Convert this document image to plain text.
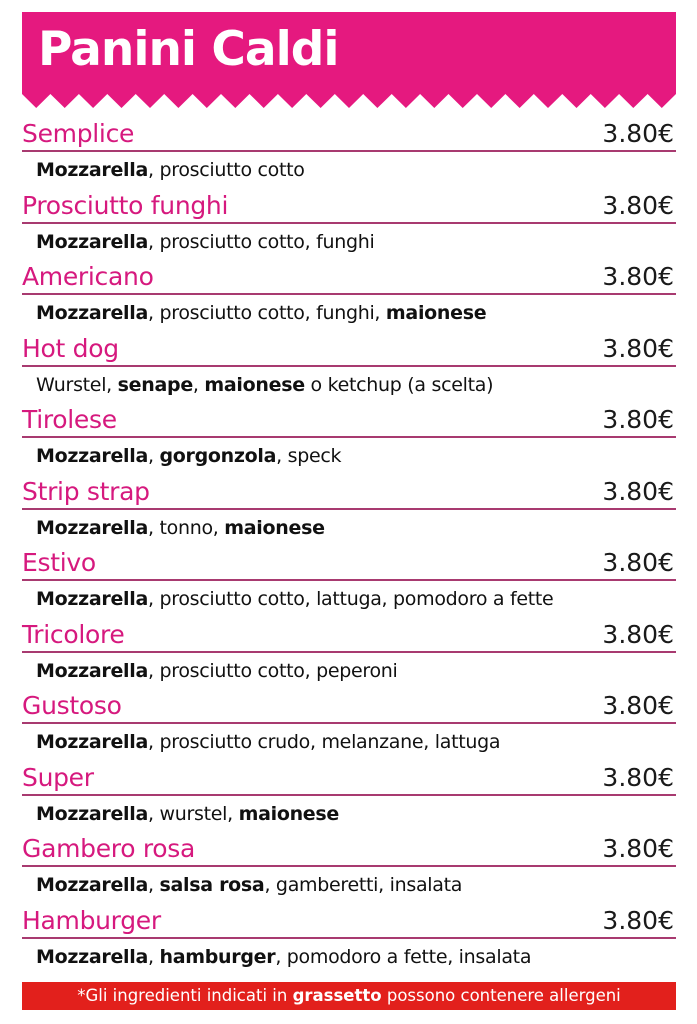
Panini Caldi
Semplice	3.80€
Mozzarella, prosciutto cotto
Prosciutto funghi	3.80€
Mozzarella, prosciutto cotto, funghi
Americano	3.80€
Mozzarella, prosciutto cotto, funghi, maionese
Hot dog	3.80€
Wurstel, senape, maionese o ketchup (a scelta)
Tirolese	3.80€
Mozzarella, gorgonzola, speck
Strip strap	3.80€
Mozzarella, tonno, maionese
Estivo	3.80€
Mozzarella, prosciutto cotto, lattuga, pomodoro a fette
Tricolore	3.80€
Mozzarella, prosciutto cotto, peperoni
Gustoso	3.80€
Mozzarella, prosciutto crudo, melanzane, lattuga
Super	3.80€
Mozzarella, wurstel, maionese
Gambero rosa	3.80€
Mozzarella, salsa rosa, gamberetti, insalata
Hamburger	3.80€
Mozzarella, hamburger, pomodoro a fette, insalata
*Gli ingredienti indicati in grassetto possono contenere allergeni
